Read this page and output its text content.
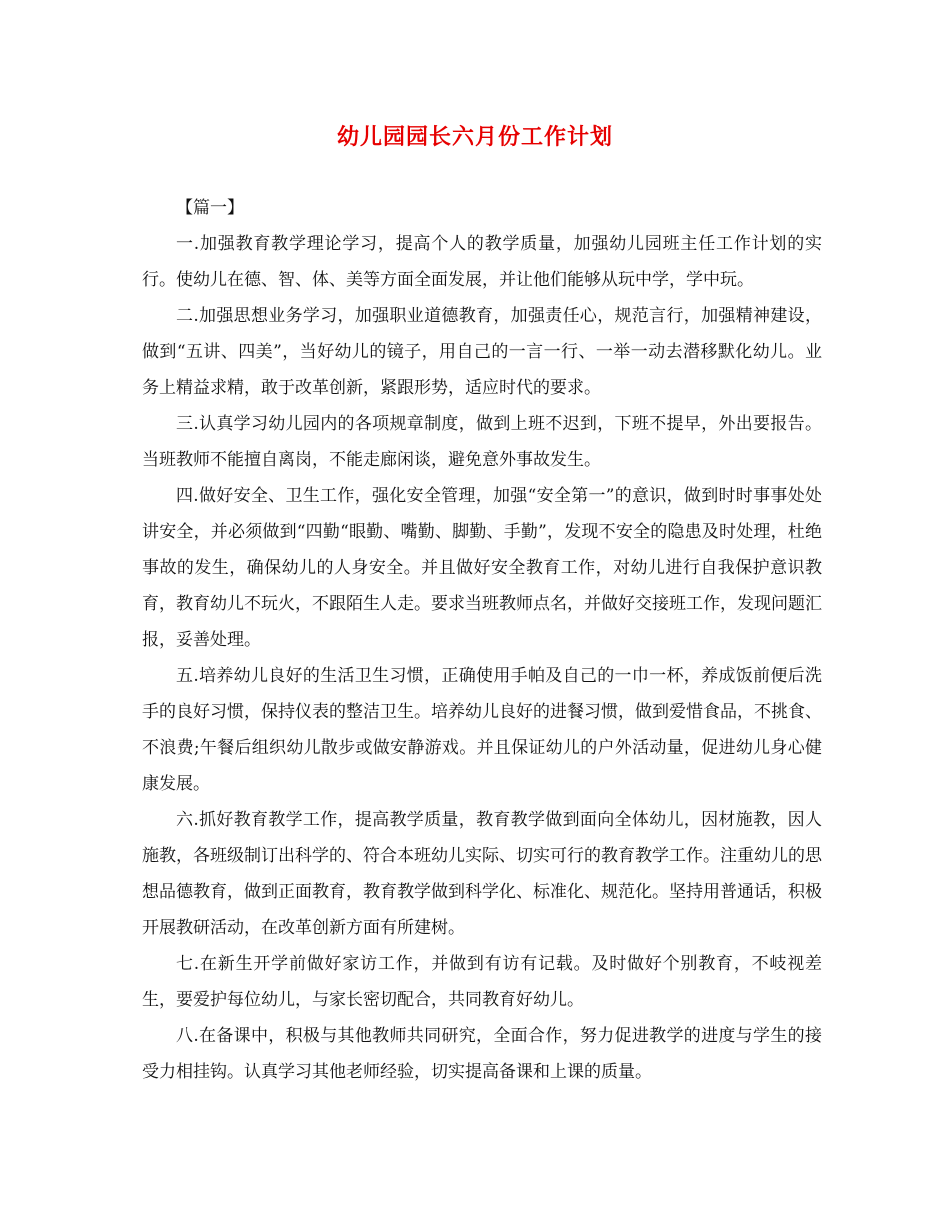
幼儿园园长六月份工作计划

【篇一】

一.加强教育教学理论学习，提高个人的教学质量，加强幼儿园班主任工作计划的实行。使幼儿在德、智、体、美等方面全面发展，并让他们能够从玩中学，学中玩。

二.加强思想业务学习，加强职业道德教育，加强责任心，规范言行，加强精神建设，做到“五讲、四美”，当好幼儿的镜子，用自己的一言一行、一举一动去潜移默化幼儿。业务上精益求精，敢于改革创新，紧跟形势，适应时代的要求。

三.认真学习幼儿园内的各项规章制度，做到上班不迟到，下班不提早，外出要报告。当班教师不能擅自离岗，不能走廊闲谈，避免意外事故发生。

四.做好安全、卫生工作，强化安全管理，加强“安全第一”的意识，做到时时事事处处讲安全，并必须做到“四勤“眼勤、嘴勤、脚勤、手勤”，发现不安全的隐患及时处理，杜绝事故的发生，确保幼儿的人身安全。并且做好安全教育工作，对幼儿进行自我保护意识教育，教育幼儿不玩火，不跟陌生人走。要求当班教师点名，并做好交接班工作，发现问题汇报，妥善处理。

五.培养幼儿良好的生活卫生习惯，正确使用手帕及自己的一巾一杯，养成饭前便后洗手的良好习惯，保持仪表的整洁卫生。培养幼儿良好的进餐习惯，做到爱惜食品，不挑食、不浪费;午餐后组织幼儿散步或做安静游戏。并且保证幼儿的户外活动量，促进幼儿身心健康发展。

六.抓好教育教学工作，提高教学质量，教育教学做到面向全体幼儿，因材施教，因人施教，各班级制订出科学的、符合本班幼儿实际、切实可行的教育教学工作。注重幼儿的思想品德教育，做到正面教育，教育教学做到科学化、标准化、规范化。坚持用普通话，积极开展教研活动，在改革创新方面有所建树。

七.在新生开学前做好家访工作，并做到有访有记载。及时做好个别教育，不岐视差生，要爱护每位幼儿，与家长密切配合，共同教育好幼儿。

八.在备课中，积极与其他教师共同研究，全面合作，努力促进教学的进度与学生的接受力相挂钩。认真学习其他老师经验，切实提高备课和上课的质量。
